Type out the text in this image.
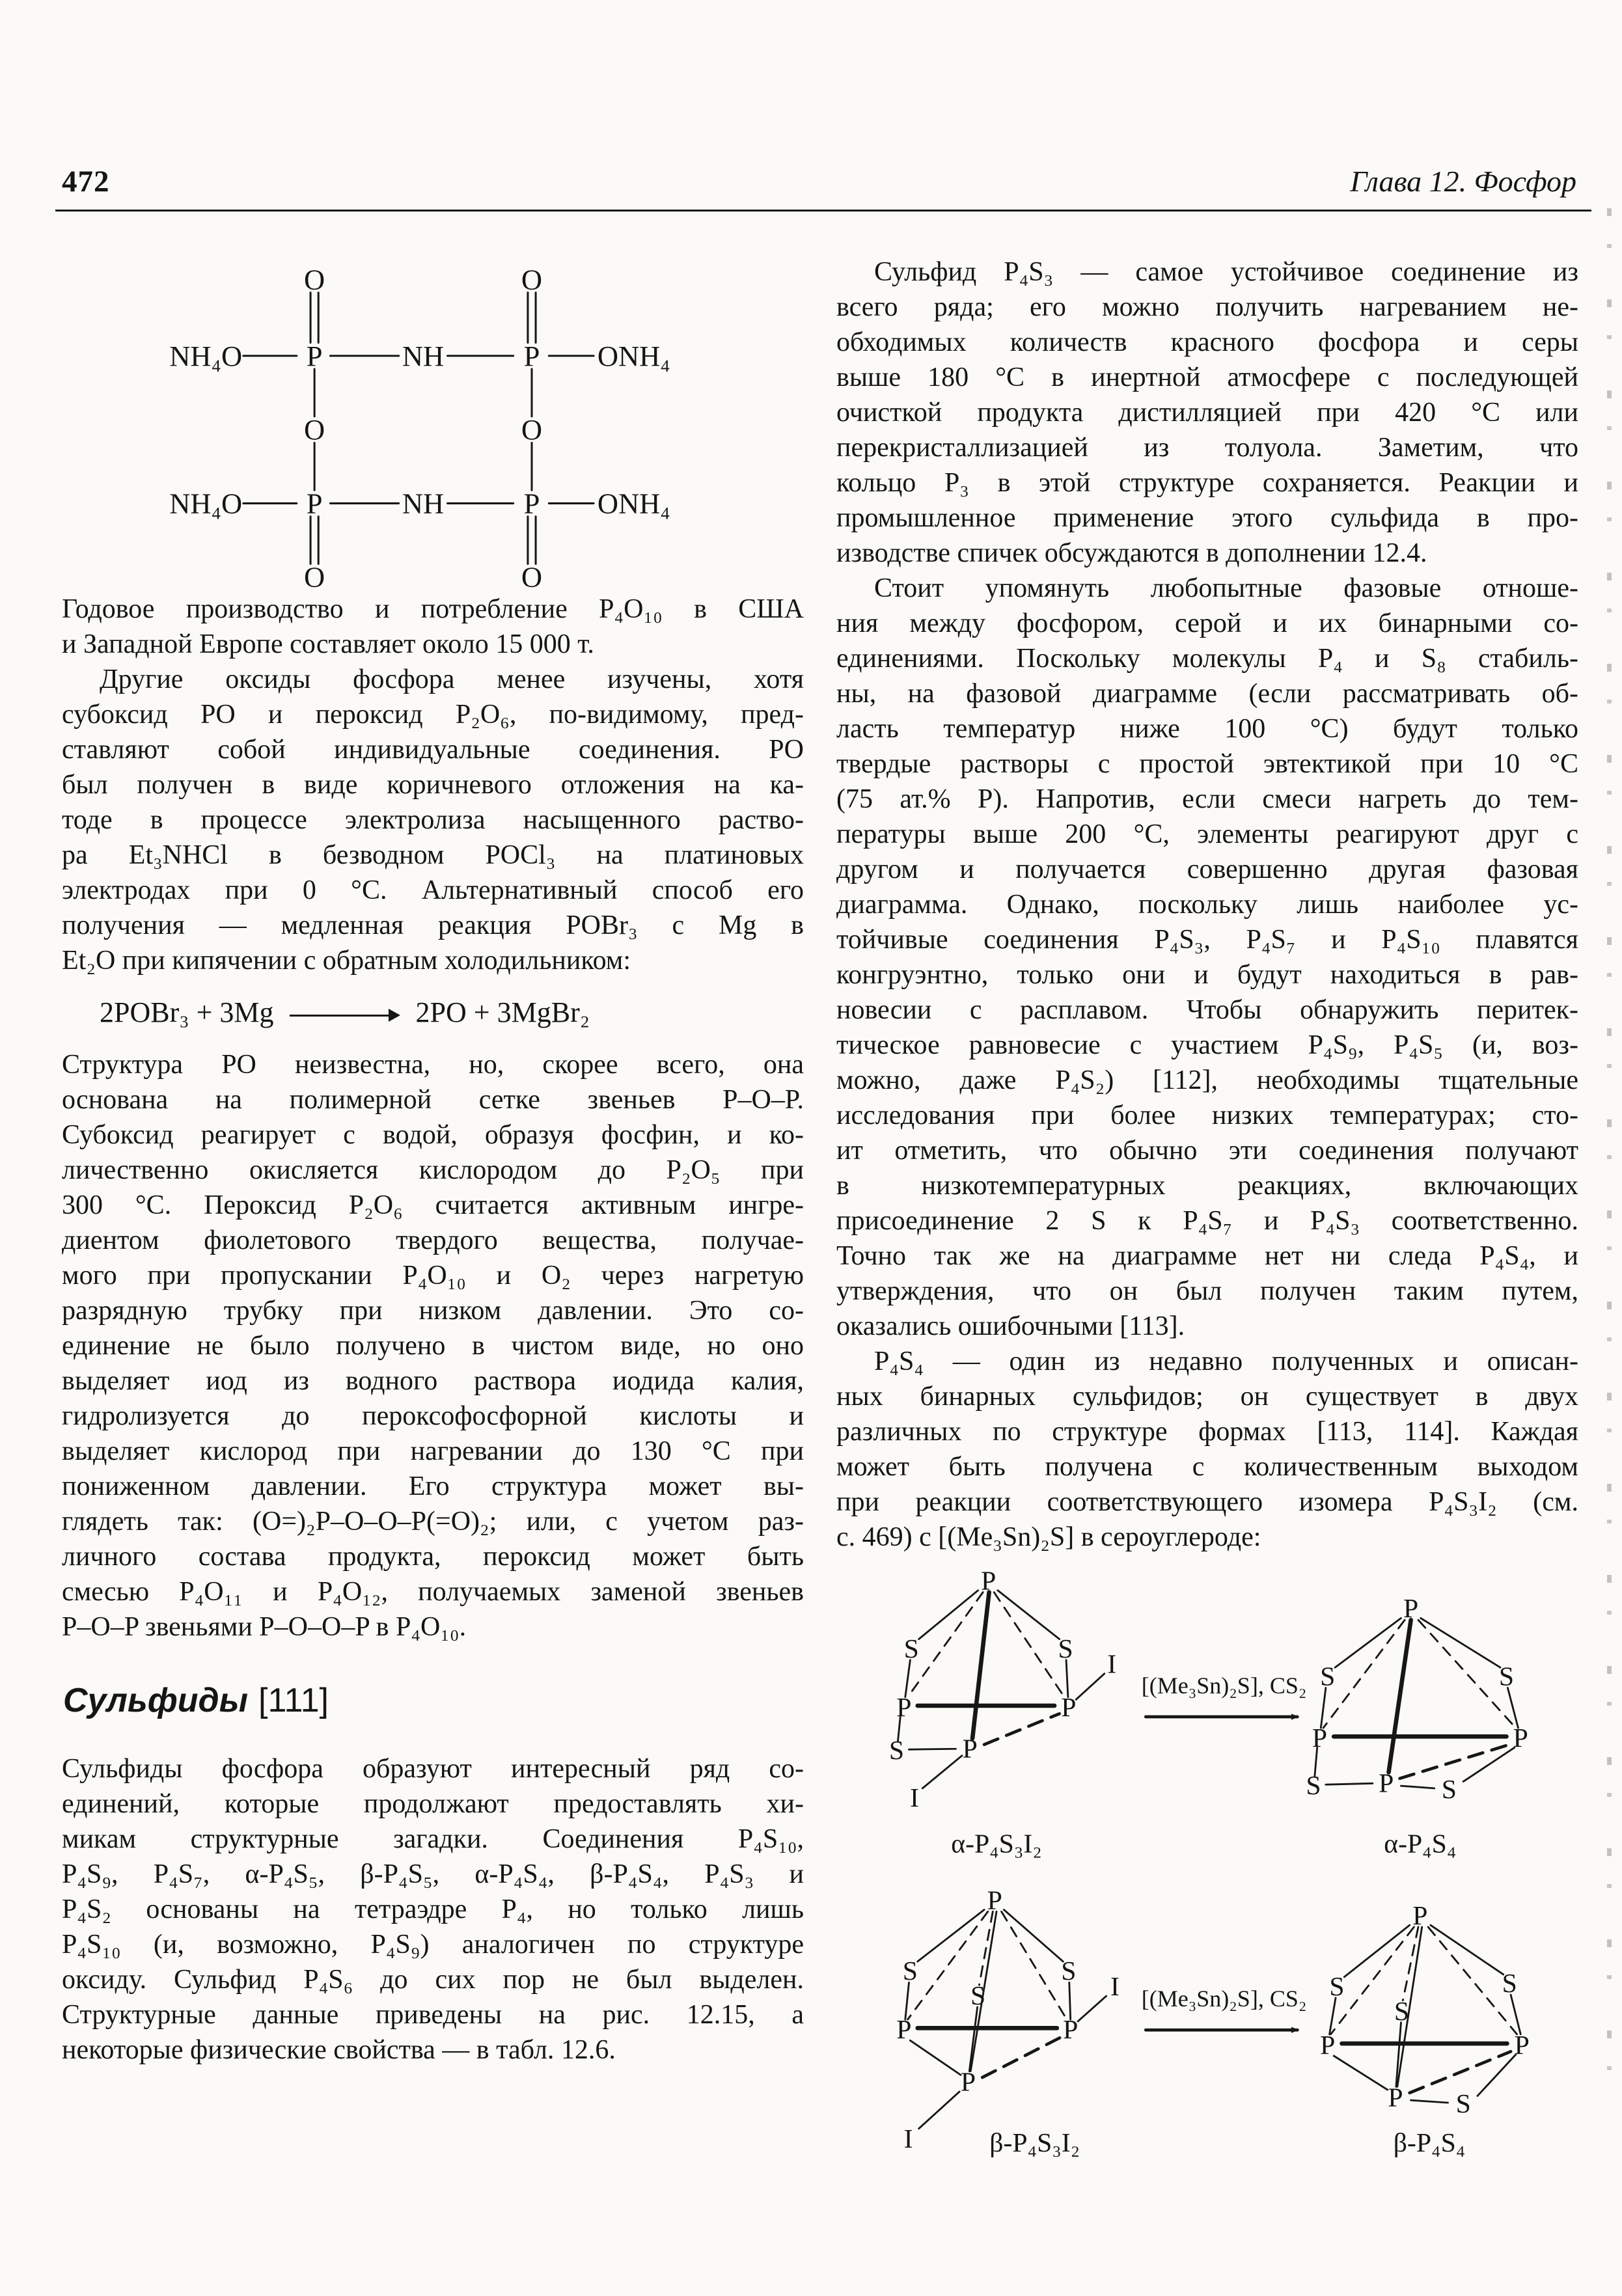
472	Глава 12. Фосфор
O	O
NH₄O P	NH	P ONH₄
O	O
NH₄O P	NH	P ONH₄
O	O
Годовое производство и потребление P₄O₁₀ в США
и Западной Европе составляет около 15 000 т.
Другие оксиды фосфора менее изучены, хотя
субоксид PO и пероксид P₂O₆, по-видимому, пред-
ставляют собой индивидуальные соединения. PO
был получен в виде коричневого отложения на ка-
тоде в процессе электролиза насыщенного раство-
ра Et₃NHCl в безводном POCl₃ на платиновых
электродах при 0 °C. Альтернативный способ его
получения — медленная реакция POBr₃ с Mg в
Et₂O при кипячении с обратным холодильником:
2POBr₃ + 3Mg	2PO + 3MgBr₂
Структура PO неизвестна, но, скорее всего, она
основана на полимерной сетке звеньев P–O–P.
Субоксид реагирует с водой, образуя фосфин, и ко-
личественно окисляется кислородом до P₂O₅ при
300 °C. Пероксид P₂O₆ считается активным ингре-
диентом фиолетового твердого вещества, получае-
мого при пропускании P₄O₁₀ и O₂ через нагретую
разрядную трубку при низком давлении. Это со-
единение не было получено в чистом виде, но оно
выделяет иод из водного раствора иодида калия,
гидролизуется до пероксофосфорной кислоты и
выделяет кислород при нагревании до 130 °C при
пониженном давлении. Его структура может вы-
глядеть так: (O=)₂P–O–O–P(=O)₂; или, с учетом раз-
личного состава продукта, пероксид может быть
смесью P₄O₁₁ и P₄O₁₂, получаемых заменой звеньев
P–O–P звеньями P–O–O–P в P₄O₁₀.
Сульфиды [111]
Сульфиды фосфора образуют интересный ряд со-
единений, которые продолжают предоставлять хи-
микам структурные загадки. Соединения P₄S₁₀,
P₄S₉, P₄S₇, α-P₄S₅, β-P₄S₅, α-P₄S₄, β-P₄S₄, P₄S₃ и
P₄S₂ основаны на тетраэдре P₄, но только лишь
P₄S₁₀ (и, возможно, P₄S₉) аналогичен по структуре
оксиду. Сульфид P₄S₆ до сих пор не был выделен.
Структурные данные приведены на рис. 12.15, а
некоторые физические свойства — в табл. 12.6.
Сульфид P₄S₃ — самое устойчивое соединение из
всего ряда; его можно получить нагреванием не-
обходимых количеств красного фосфора и серы
выше 180 °C в инертной атмосфере с последующей
очисткой продукта дистилляцией при 420 °C или
перекристаллизацией из толуола. Заметим, что
кольцо P₃ в этой структуре сохраняется. Реакции и
промышленное применение этого сульфида в про-
изводстве спичек обсуждаются в дополнении 12.4.
Стоит упомянуть любопытные фазовые отноше-
ния между фосфором, серой и их бинарными со-
единениями. Поскольку молекулы P₄ и S₈ стабиль-
ны, на фазовой диаграмме (если рассматривать об-
ласть температур ниже 100 °C) будут только
твердые растворы с простой эвтектикой при 10 °C
(75 ат.% P). Напротив, если смеси нагреть до тем-
пературы выше 200 °C, элементы реагируют друг с
другом и получается совершенно другая фазовая
диаграмма. Однако, поскольку лишь наиболее ус-
тойчивые соединения P₄S₃, P₄S₇ и P₄S₁₀ плавятся
конгруэнтно, только они и будут находиться в рав-
новесии с расплавом. Чтобы обнаружить перитек-
тическое равновесие с участием P₄S₉, P₄S₅ (и, воз-
можно, даже P₄S₂) [112], необходимы тщательные
исследования при более низких температурах; сто-
ит отметить, что обычно эти соединения получают
в низкотемпературных реакциях, включающих
присоединение 2 S к P₄S₇ и P₄S₃ соответственно.
Точно так же на диаграмме нет ни следа P₄S₄, и
утверждения, что он был получен таким путем,
оказались ошибочными [113].
P₄S₄ — один из недавно полученных и описан-
ных бинарных сульфидов; он существует в двух
различных по структуре формах [113, 114]. Каждая
может быть получена с количественным выходом
при реакции соответствующего изомера P₄S₃I₂ (см.
с. 469) с [(Me₃Sn)₂S] в сероуглероде:
P
S	S
P	P
S P
I
I
α-P₄S₃I₂
[(Me₃Sn)₂S], CS₂
P
S	S
P	P
S P S
α-P₄S₄
P
S	S
S
P	P
P
I
I
β-P₄S₃I₂
[(Me₃Sn)₂S], CS₂
P
S	S
S
P	P
P S
β-P₄S₄
